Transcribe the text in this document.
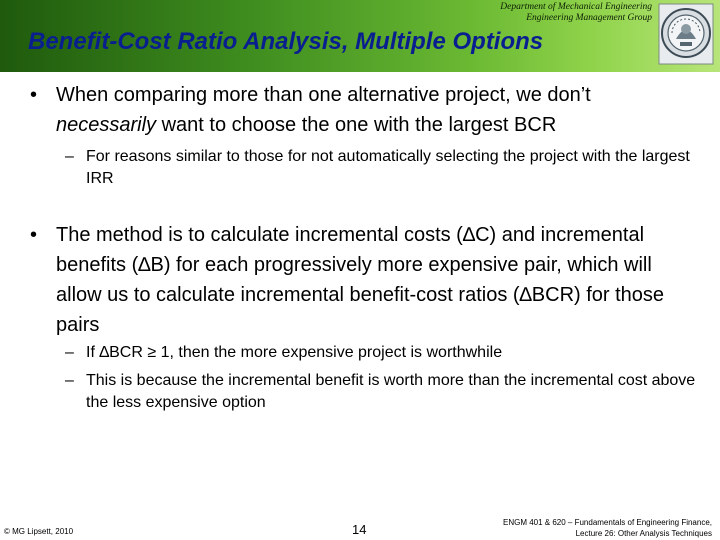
Department of Mechanical Engineering
Engineering Management Group
Benefit-Cost Ratio Analysis, Multiple Options
• When comparing more than one alternative project, we don’t necessarily want to choose the one with the largest BCR
– For reasons similar to those for not automatically selecting the project with the largest IRR
• The method is to calculate incremental costs (∆C) and incremental benefits (∆B) for each progressively more expensive pair, which will allow us to calculate incremental benefit-cost ratios (∆BCR) for those pairs
– If ∆BCR ≥ 1, then the more expensive project is worthwhile
– This is because the incremental benefit is worth more than the incremental cost above the less expensive option
© MG Lipsett, 2010	14	ENGM 401 & 620 – Fundamentals of Engineering Finance,
Lecture 26: Other Analysis Techniques
